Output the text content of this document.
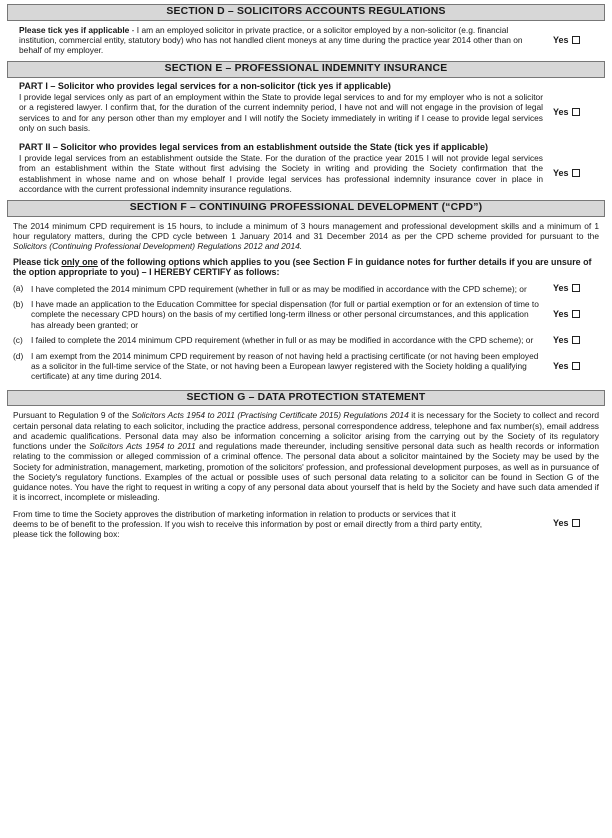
SECTION D – SOLICITORS ACCOUNTS REGULATIONS
Please tick yes if applicable - I am an employed solicitor in private practice, or a solicitor employed by a non-solicitor (e.g. financial institution, commercial entity, statutory body) who has not handled client moneys at any time during the practice year 2014 other than on behalf of my employer.
Yes
SECTION E – PROFESSIONAL INDEMNITY INSURANCE

PART I – Solicitor who provides legal services for a non-solicitor (tick yes if applicable)

I provide legal services only as part of an employment within the State to provide legal services to and for my employer who is not a solicitor or a registered lawyer. I confirm that, for the duration of the current indemnity period, I have not and will not engage in the provision of legal services to and for any person other than my employer and I will notify the Society immediately in writing if I cease to provide legal services only on such basis.
Yes

PART II – Solicitor who provides legal services from an establishment outside the State (tick yes if applicable)

I provide legal services from an establishment outside the State. For the duration of the practice year 2015 I will not provide legal services from an establishment within the State without first advising the Society in writing and providing the Society confirmation that the establishment in whose name and on whose behalf I provide legal services has professional indemnity insurance cover in place in accordance with the current professional indemnity insurance regulations.
Yes
SECTION F – CONTINUING PROFESSIONAL DEVELOPMENT (“CPD”)

The 2014 minimum CPD requirement is 15 hours, to include a minimum of 3 hours management and professional development skills and a minimum of 1 hour regulatory matters, during the CPD cycle between 1 January 2014 and 31 December 2014 as per the CPD scheme provided for pursuant to the Solicitors (Continuing Professional Development) Regulations 2012 and 2014.

Please tick only one of the following options which applies to you (see Section F in guidance notes for further details if you are unsure of the option appropriate to you) – I HEREBY CERTIFY as follows:

(a) I have completed the 2014 minimum CPD requirement (whether in full or as may be modified in accordance with the CPD scheme); or	Yes
(b) I have made an application to the Education Committee for special dispensation (for full or partial exemption or for an extension of time to complete the necessary CPD hours) on the basis of my certified long-term illness or other personal circumstances, and this application has already been granted; or
Yes
(c) I failed to complete the 2014 minimum CPD requirement (whether in full or as may be modified in accordance with the CPD scheme); or	Yes
(d) I am exempt from the 2014 minimum CPD requirement by reason of not having held a practising certificate (or not having been employed as a solicitor in the full-time service of the State, or not having been a European lawyer registered with the Society holding a qualifying certificate) at any time during 2014.
Yes
SECTION G – DATA PROTECTION STATEMENT

Pursuant to Regulation 9 of the Solicitors Acts 1954 to 2011 (Practising Certificate 2015) Regulations 2014 it is necessary for the Society to collect and record certain personal data relating to each solicitor, including the practice address, personal correspondence address, telephone and fax number(s), email address and academic qualifications. Personal data may also be information concerning a solicitor arising from the carrying out by the Society of its regulatory functions under the Solicitors Acts 1954 to 2011 and regulations made thereunder, including sensitive personal data such as health records or information relating to the commission or alleged commission of a criminal offence. The personal data about a solicitor maintained by the Society may be used by the Society for administration, management, marketing, promotion of the solicitors' profession, and professional development purposes, as well as in pursuance of the Society's regulatory functions. Examples of the actual or possible uses of such personal data relating to a solicitor can be found in Section G of the guidance notes. You have the right to request in writing a copy of any personal data about yourself that is held by the Society and have such data amended if it is incorrect, incomplete or misleading.

From time to time the Society approves the distribution of marketing information in relation to products or services that it deems to be of benefit to the profession. If you wish to receive this information by post or email directly from a third party entity, please tick the following box:
Yes
